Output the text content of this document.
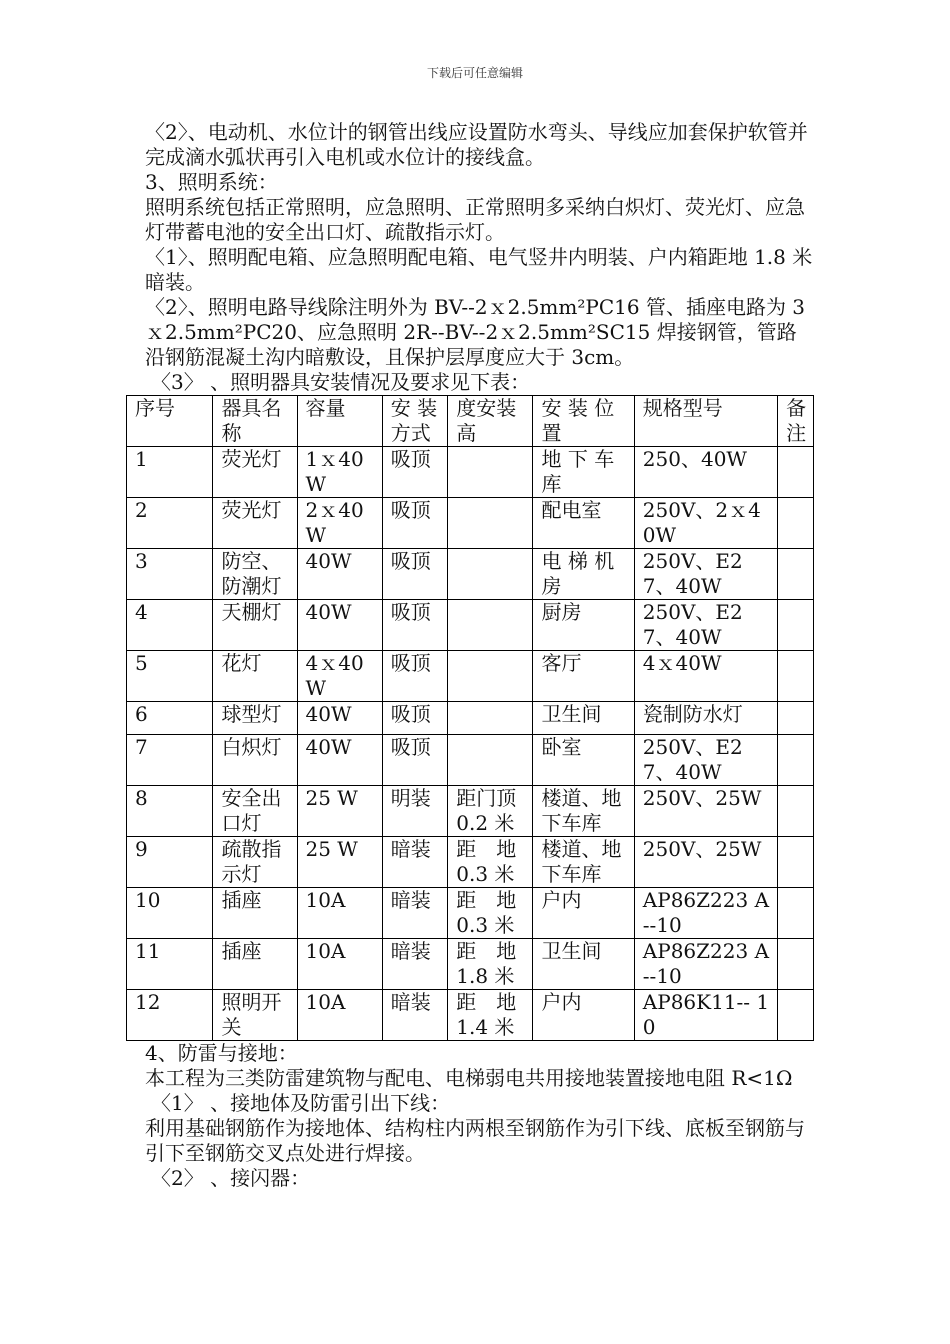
下载后可任意编辑

〈2〉、电动机、水位计的钢管出线应设置防水弯头、导线应加套保护软管并完成滴水弧状再引入电机或水位计的接线盒。

3、照明系统：

照明系统包括正常照明，应急照明、正常照明多采纳白炽灯、荧光灯、应急灯带蓄电池的安全出口灯、疏散指示灯。

〈1〉、照明配电箱、应急照明配电箱、电气竖井内明装、户内箱距地 1.8 米暗装。

〈2〉、照明电路导线除注明外为 BV--2ｘ2.5mm²PC16 管、插座电路为 3ｘ2.5mm²PC20、应急照明 2R--BV--2ｘ2.5mm²SC15 焊接钢管，管路沿钢筋混凝土沟内暗敷设，且保护层厚度应大于 3cm。

〈3〉 、照明器具安装情况及要求见下表：

序号	器具名称	容量	安 装方式	度安装高	安 装 位置	规格型号	备注
1	荧光灯	1ｘ40W	吸顶		地 下 车库	250、40W	
2	荧光灯	2ｘ40W	吸顶		配电室	250V、2ｘ40W	
3	防空、防潮灯	40W	吸顶		电 梯 机房	250V、E27、40W	
4	天棚灯	40W	吸顶		厨房	250V、E27、40W	
5	花灯	4ｘ40W	吸顶		客厅	4ｘ40W	
6	球型灯	40W	吸顶		卫生间	瓷制防水灯	
7	白炽灯	40W	吸顶		卧室	250V、E27、40W	
8	安全出口灯	25 W	明装	距门顶 0.2 米	楼道、地下车库	250V、25W	
9	疏散指示灯	25 W	暗装	距　地 0.3 米	楼道、地下车库	250V、25W	
10	插座	10A	暗装	距　地 0.3 米	户内	AP86Z223 A--10	
11	插座	10A	暗装	距　地 1.8 米	卫生间	AP86Z223 A--10	
12	照明开关	10A	暗装	距　地 1.4 米	户内	AP86K11-- 10	

4、防雷与接地：

本工程为三类防雷建筑物与配电、电梯弱电共用接地装置接地电阻 R<1Ω

〈1〉 、接地体及防雷引出下线：

利用基础钢筋作为接地体、结构柱内两根至钢筋作为引下线、底板至钢筋与引下至钢筋交叉点处进行焊接。

〈2〉 、接闪器：
